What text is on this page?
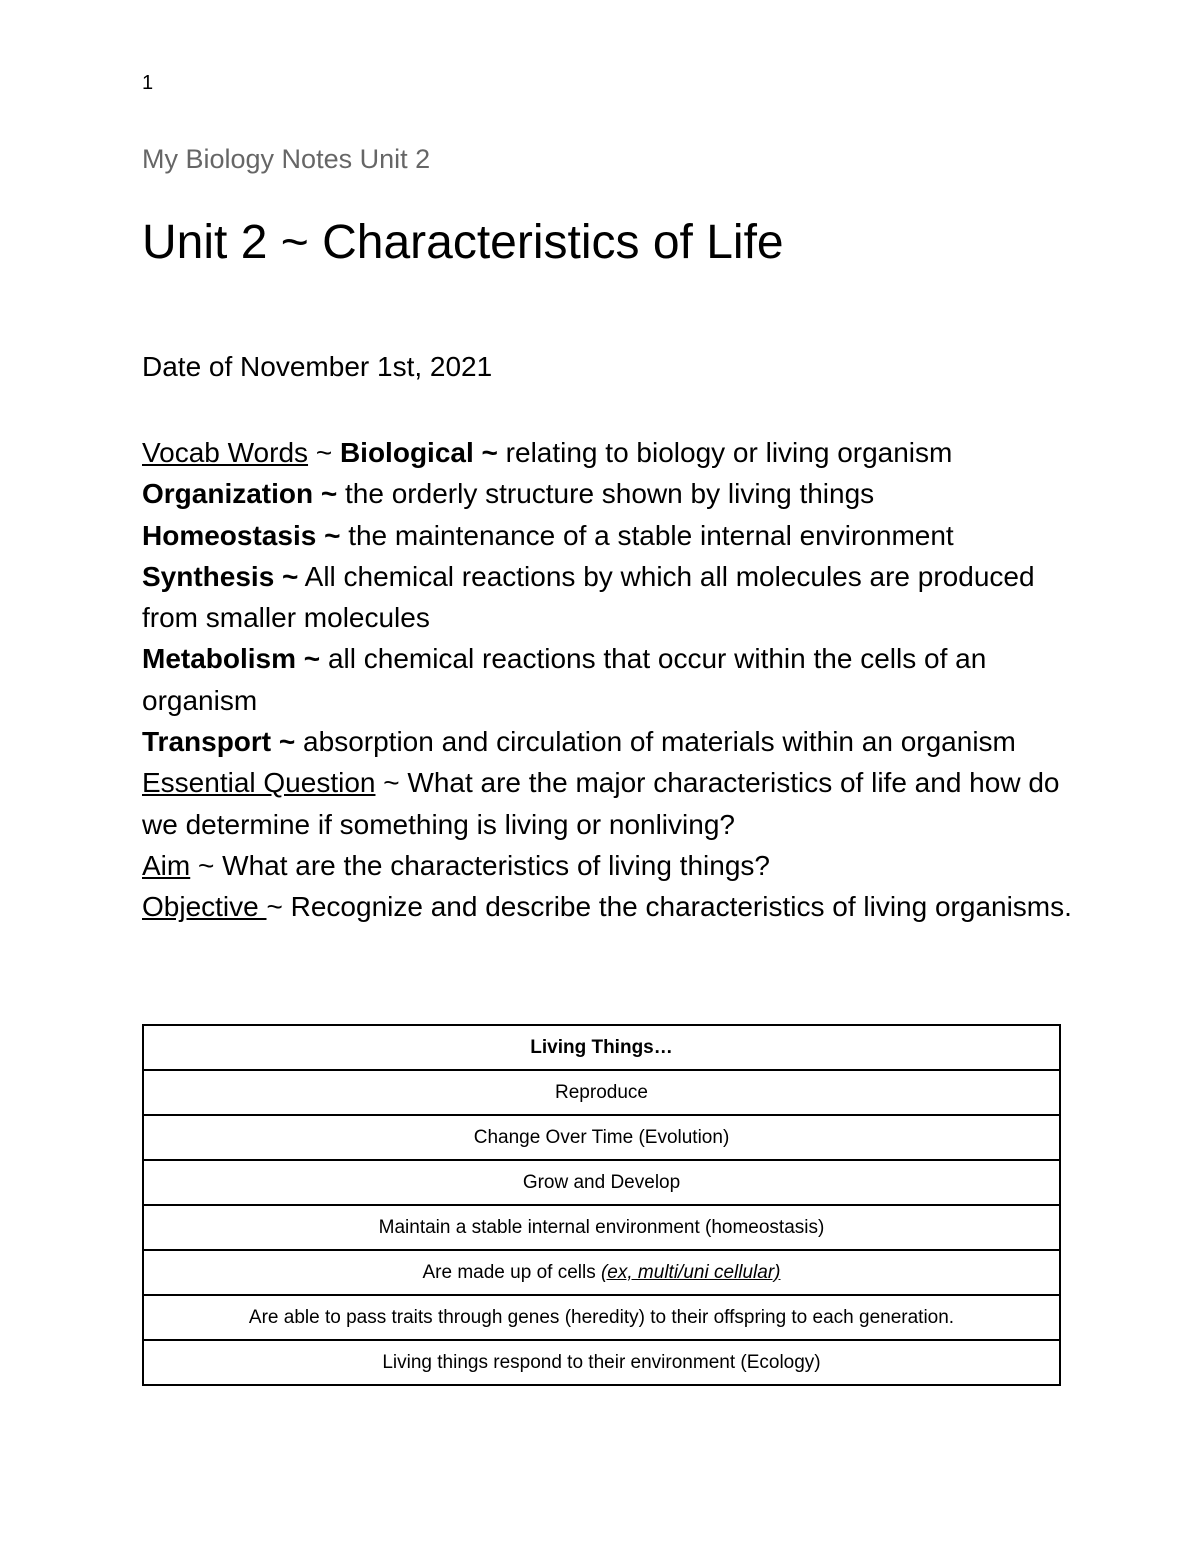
1
My Biology Notes Unit 2
Unit 2 ~ Characteristics of Life
Date of November 1st, 2021

Vocab Words ~ Biological ~ relating to biology or living organism

Organization ~ the orderly structure shown by living things

Homeostasis ~ the maintenance of a stable internal environment

Synthesis ~ All chemical reactions by which all molecules are produced from smaller molecules

Metabolism ~ all chemical reactions that occur within the cells of an organism

Transport ~ absorption and circulation of materials within an organism

Essential Question ~ What are the major characteristics of life and how do we determine if something is living or nonliving?

Aim ~ What are the characteristics of living things?

Objective ~ Recognize and describe the characteristics of living organisms.

Living Things…
Reproduce
Change Over Time (Evolution)
Grow and Develop
Maintain a stable internal environment (homeostasis)
Are made up of cells (ex, multi/uni cellular)
Are able to pass traits through genes (heredity) to their offspring to each generation.
Living things respond to their environment (Ecology)
